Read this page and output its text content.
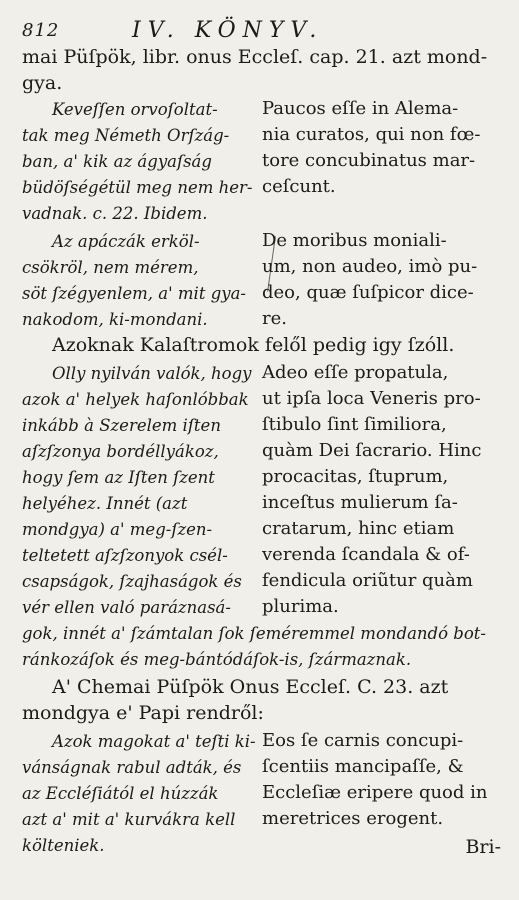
812	IV. KÖNYV.
mai Püſpök, libr. onus Eccleſ. cap. 21. azt mond-
gya.
Keveſſen orvoſoltat-
tak meg Németh Orſzág-
ban, a' kik az ágyaſság
büdöſségétül meg nem her-
vadnak. c. 22. Ibidem.
Paucos eſſe in Alema-
nia curatos, qui non fœ-
tore concubinatus mar-
ceſcunt.
Az apáczák erköl-
csökröl, nem mérem,
söt ſzégyenlem, a' mit gya-
nakodom, ki-mondani.
De moribus moniali-
um, non audeo, imò pu-
deo, quæ ſuſpicor dice-
re.
Azoknak Kalaſtromok felől pedig igy ſzóll.
Olly nyilván valók, hogy
azok a' helyek haſonlóbbak
inkább à Szerelem iſten
aſzſzonya bordéllyákoz,
hogy ſem az Iſten ſzent
helyéhez. Innét (azt
mondgya) a' meg-ſzen-
teltetett aſzſzonyok csél-
csapságok, ſzajhaságok és
vér ellen való paráznasá-
Adeo eſſe propatula,
ut ipſa loca Veneris pro-
ſtibulo ſint ſimiliora,
quàm Dei ſacrario. Hinc
procacitas, ſtuprum,
inceſtus mulierum ſa-
cratarum, hinc etiam
verenda ſcandala & of-
fendicula oriũtur quàm
plurima.
gok, innét a' ſzámtalan ſok ſeméremmel mondandó bot-
ránkozáſok és meg-bántódáſok-is, ſzármaznak.
A' Chemai Püſpök Onus Eccleſ. C. 23. azt
mondgya e' Papi rendről:
Azok magokat a' teſti ki-
vánságnak rabul adták, és
az Eccléſiától el húzzák
azt a' mit a' kurvákra kell
költeniek.
Eos ſe carnis concupi-
ſcentiis mancipaſſe, &
Eccleſiæ eripere quod in
meretrices erogent.
Bri-
